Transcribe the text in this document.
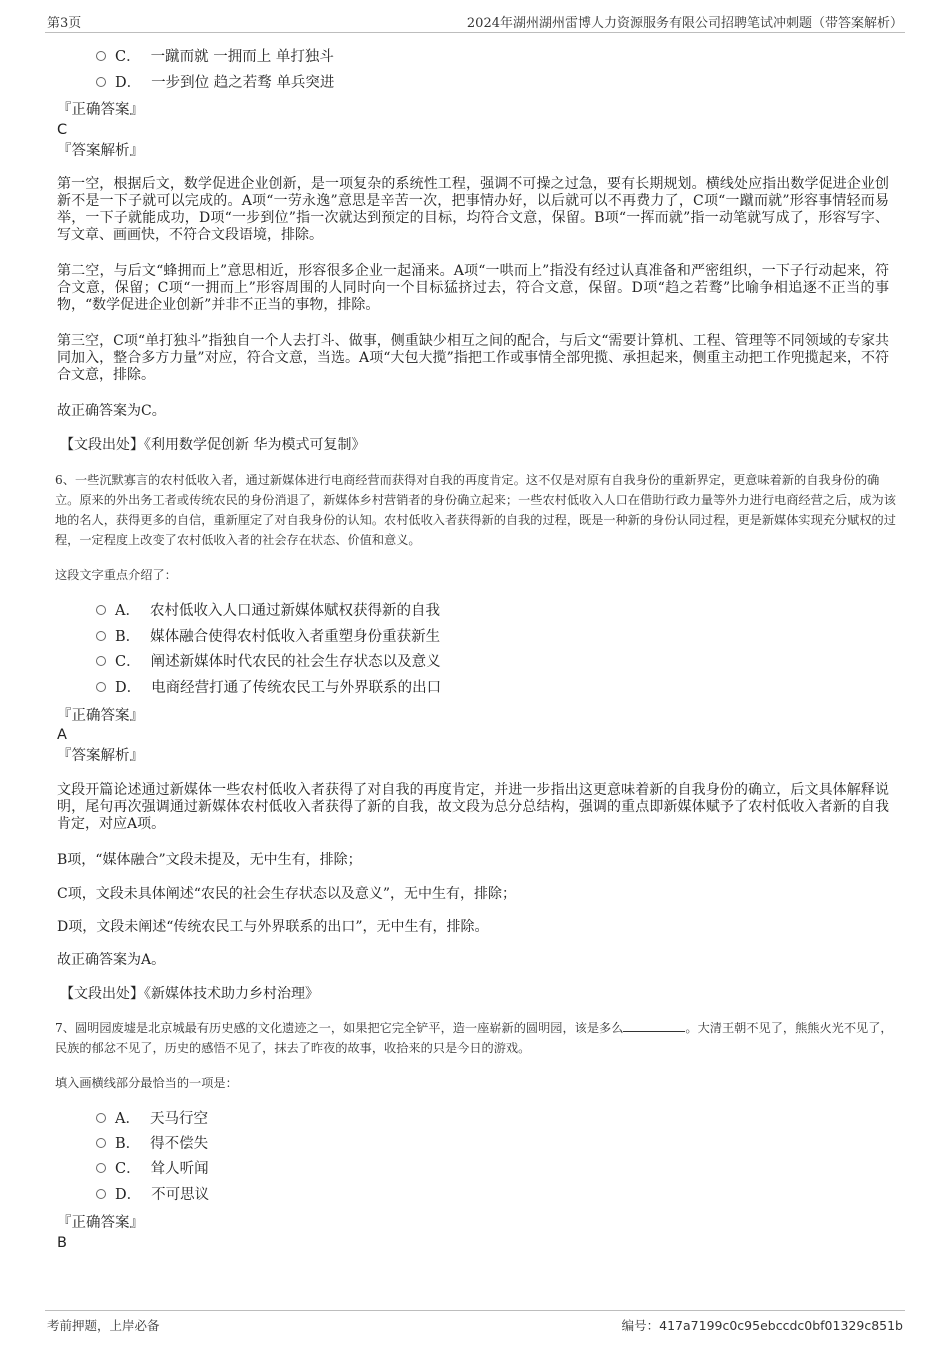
第3页	2024年湖州湖州雷博人力资源服务有限公司招聘笔试冲刺题（带答案解析）
C． 一蹴而就 一拥而上 单打独斗
D． 一步到位 趋之若骛 单兵突进
『正确答案』
C
『答案解析』
第一空，根据后文，数学促进企业创新，是一项复杂的系统性工程，强调不可操之过急，要有长期规划。横线处应指出数学促进企业创新不是一下子就可以完成的。A项“一劳永逸”意思是辛苦一次，把事情办好，以后就可以不再费力了，C项“一蹴而就”形容事情轻而易举，一下子就能成功，D项“一步到位”指一次就达到预定的目标，均符合文意，保留。B项“一挥而就”指一动笔就写成了，形容写字、写文章、画画快，不符合文段语境，排除。
第二空，与后文“蜂拥而上”意思相近，形容很多企业一起涌来。A项“一哄而上”指没有经过认真准备和严密组织，一下子行动起来，符合文意，保留；C项“一拥而上”形容周围的人同时向一个目标猛挤过去，符合文意，保留。D项“趋之若鹜”比喻争相追逐不正当的事物，“数学促进企业创新”并非不正当的事物，排除。
第三空，C项“单打独斗”指独自一个人去打斗、做事，侧重缺少相互之间的配合，与后文“需要计算机、工程、管理等不同领域的专家共同加入，整合多方力量”对应，符合文意，当选。A项“大包大揽”指把工作或事情全部兜揽、承担起来，侧重主动把工作兜揽起来，不符合文意，排除。
故正确答案为C。
【文段出处】《利用数学促创新 华为模式可复制》
6、一些沉默寡言的农村低收入者，通过新媒体进行电商经营而获得对自我的再度肯定。这不仅是对原有自我身份的重新界定，更意味着新的自我身份的确立。原来的外出务工者或传统农民的身份消退了，新媒体乡村营销者的身份确立起来；一些农村低收入人口在借助行政力量等外力进行电商经营之后，成为该地的名人，获得更多的自信，重新厘定了对自我身份的认知。农村低收入者获得新的自我的过程，既是一种新的身份认同过程，更是新媒体实现充分赋权的过程，一定程度上改变了农村低收入者的社会存在状态、价值和意义。
这段文字重点介绍了：
A． 农村低收入人口通过新媒体赋权获得新的自我
B． 媒体融合使得农村低收入者重塑身份重获新生
C． 阐述新媒体时代农民的社会生存状态以及意义
D． 电商经营打通了传统农民工与外界联系的出口
『正确答案』
A
『答案解析』
文段开篇论述通过新媒体一些农村低收入者获得了对自我的再度肯定，并进一步指出这更意味着新的自我身份的确立，后文具体解释说明，尾句再次强调通过新媒体农村低收入者获得了新的自我，故文段为总分总结构，强调的重点即新媒体赋予了农村低收入者新的自我肯定，对应A项。
B项，“媒体融合”文段未提及，无中生有，排除；
C项，文段未具体阐述“农民的社会生存状态以及意义”，无中生有，排除；
D项，文段未阐述“传统农民工与外界联系的出口”，无中生有，排除。
故正确答案为A。
【文段出处】《新媒体技术助力乡村治理》
7、圆明园废墟是北京城最有历史感的文化遗迹之一，如果把它完全铲平，造一座崭新的圆明园，该是多么	。大清王朝不见了，熊熊火光不见了，民族的郁忿不见了，历史的感悟不见了，抹去了昨夜的故事，收拾来的只是今日的游戏。
填入画横线部分最恰当的一项是：
A． 天马行空
B． 得不偿失
C． 耸人听闻
D． 不可思议
『正确答案』
B
考前押题，上岸必备	编号：417a7199c0c95ebccdc0bf01329c851b
